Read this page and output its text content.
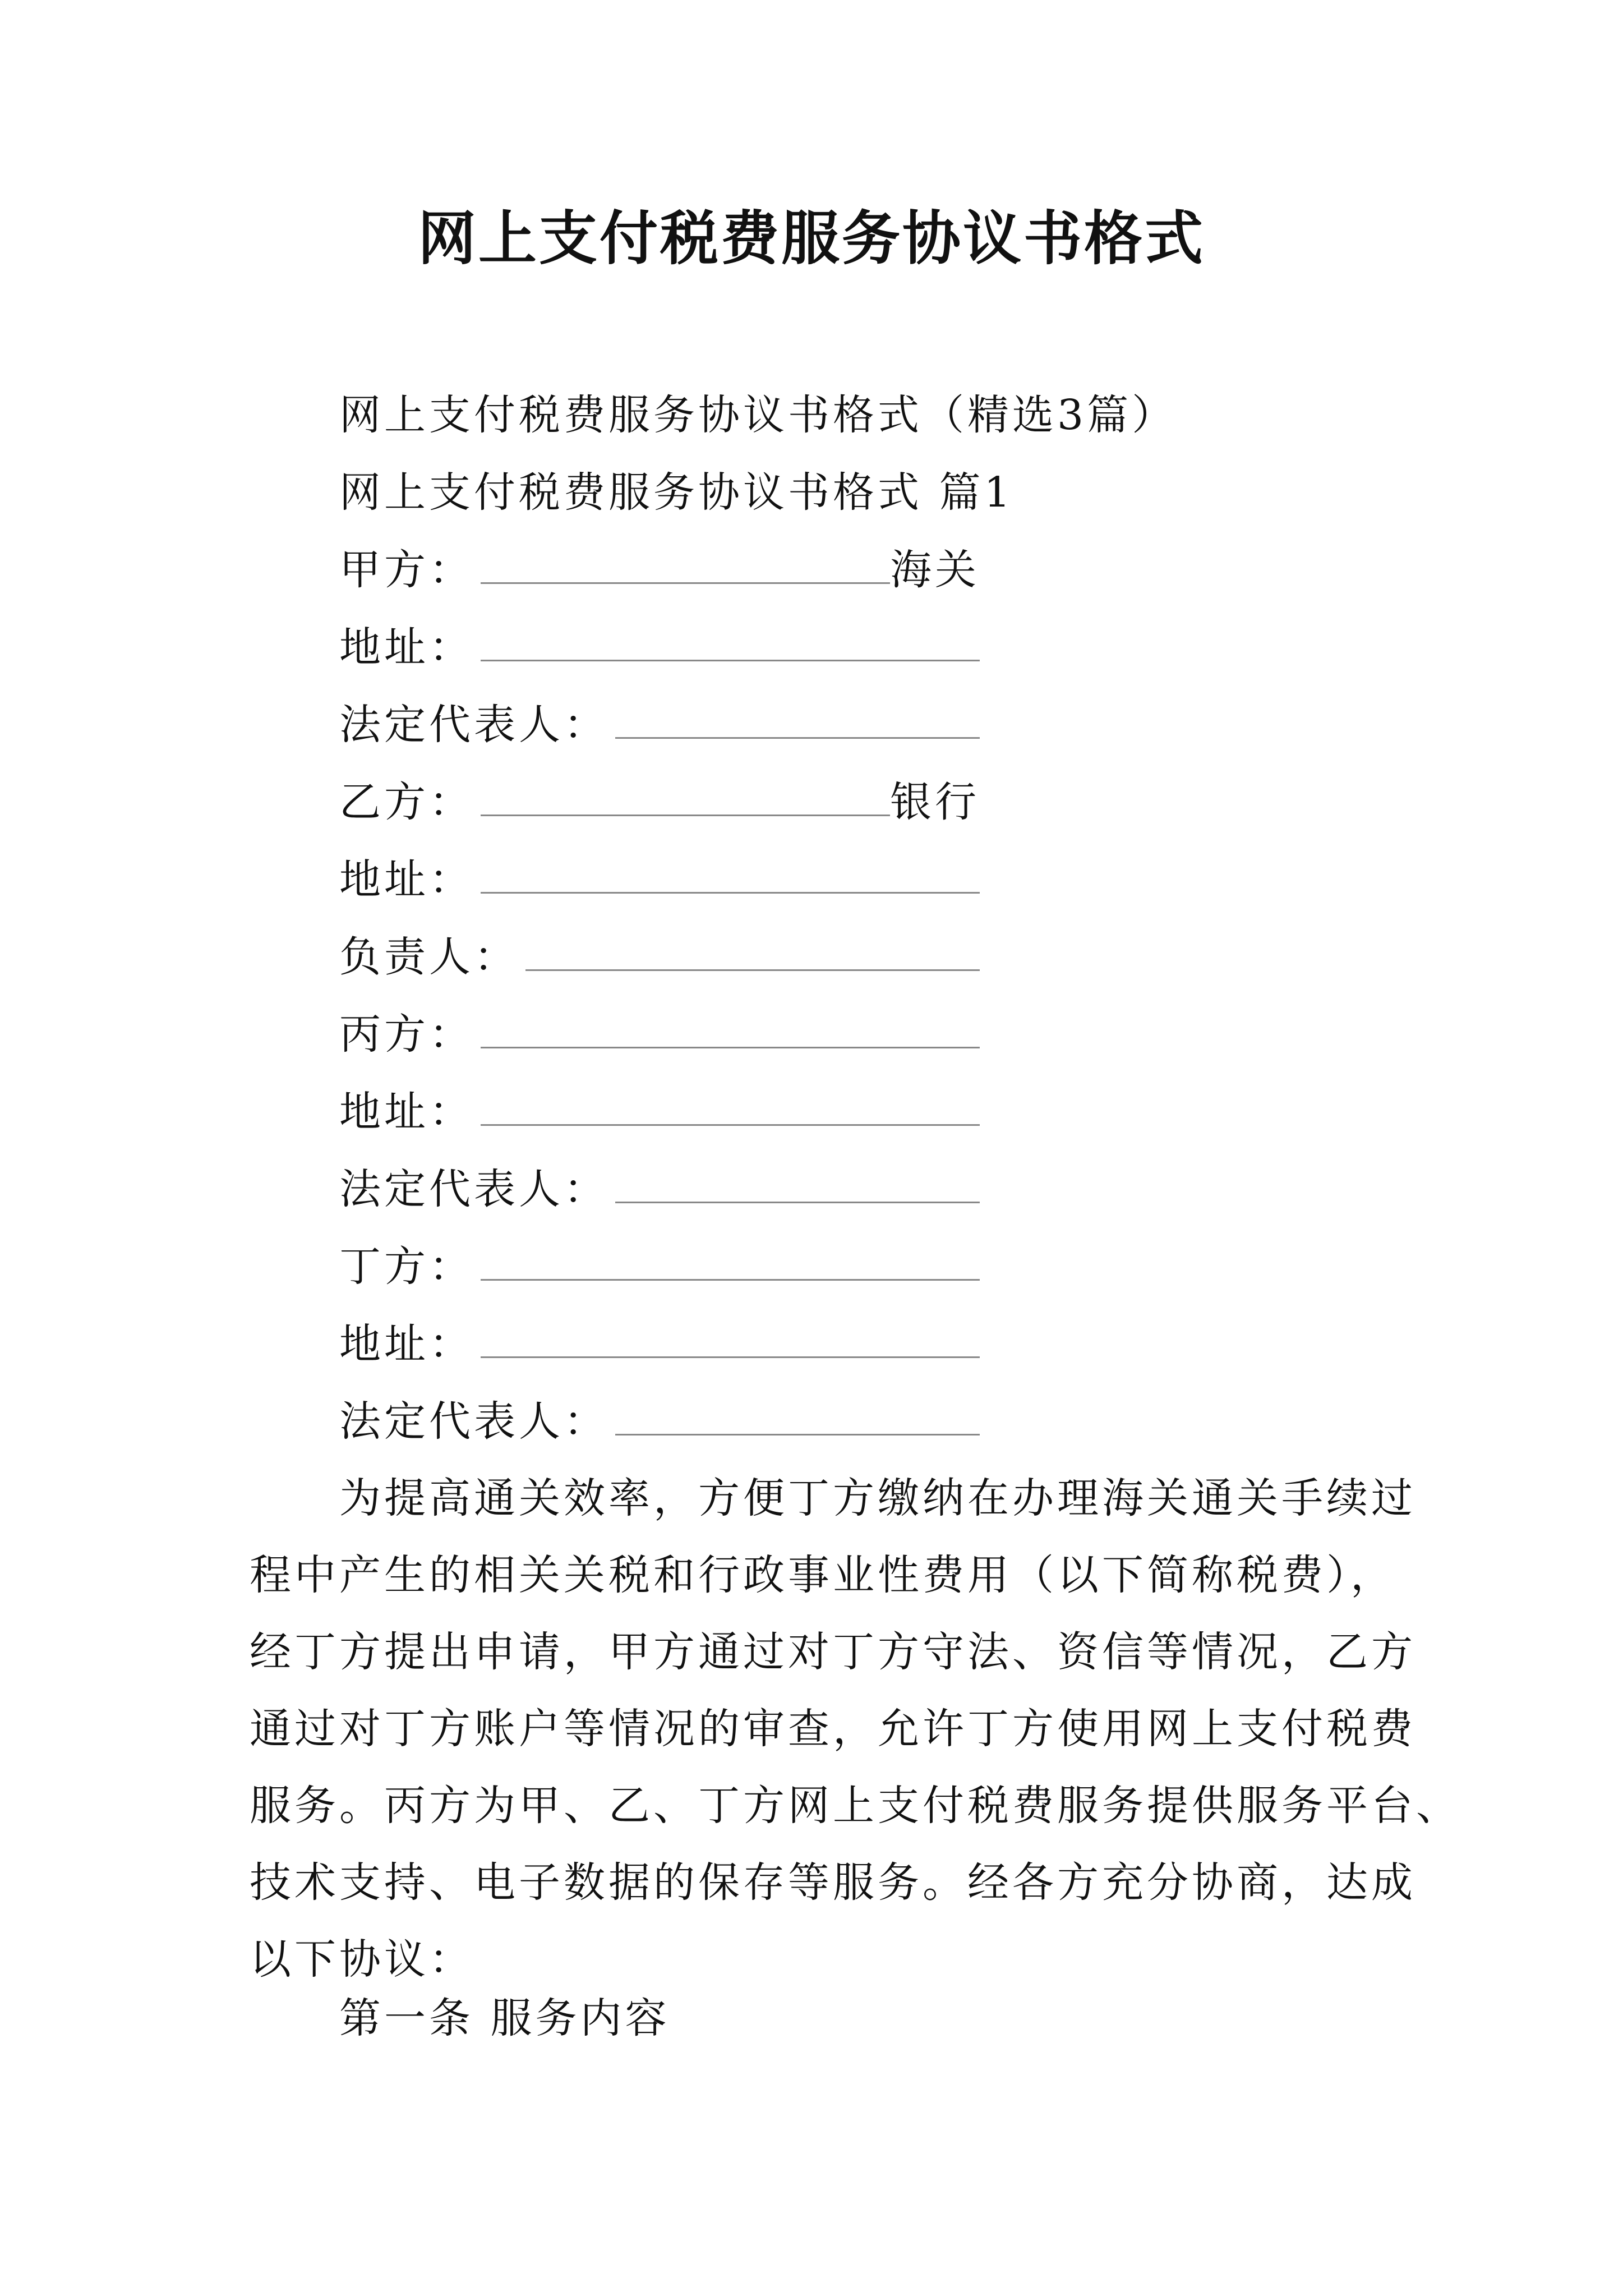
网上支付税费服务协议书格式
网上支付税费服务协议书格式（精选3篇）
网上支付税费服务协议书格式 篇1
甲方：	海关
地址：
法定代表人：
乙方：	银行
地址：
负责人：
丙方：
地址：
法定代表人：
丁方：
地址：
法定代表人：
为提高通关效率，方便丁方缴纳在办理海关通关手续过
程中产生的相关关税和行政事业性费用（以下简称税费），
经丁方提出申请，甲方通过对丁方守法、资信等情况，乙方
通过对丁方账户等情况的审查，允许丁方使用网上支付税费
服务。丙方为甲、乙、丁方网上支付税费服务提供服务平台、
技术支持、电子数据的保存等服务。经各方充分协商，达成
以下协议：
第一条 服务内容
